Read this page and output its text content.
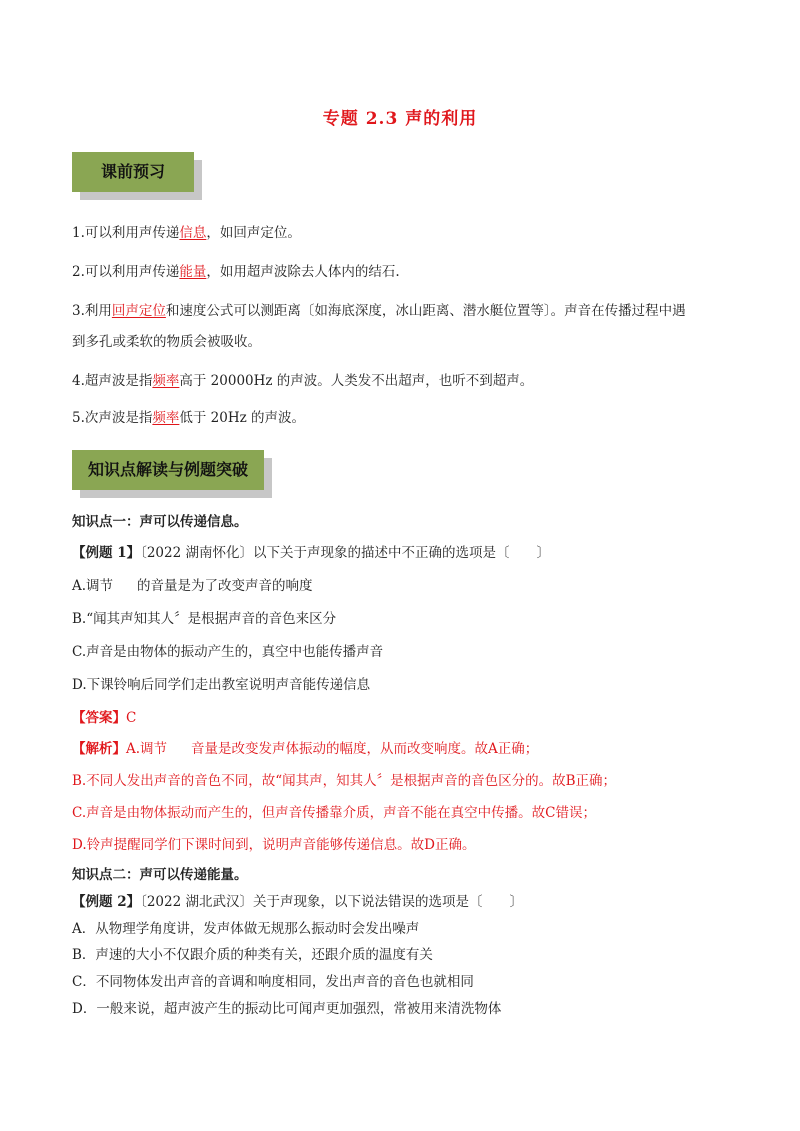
专题 2.3 声的利用
课前预习
1.可以利用声传递信息，如回声定位。
2.可以利用声传递能量，如用超声波除去人体内的结石.
3.利用回声定位和速度公式可以测距离〔如海底深度，冰山距离、潜水艇位置等〕。声音在传播过程中遇
到多孔或柔软的物质会被吸收。
4.超声波是指频率高于 20000Hz 的声波。人类发不出超声，也听不到超声。
5.次声波是指频率低于 20Hz 的声波。
知识点解读与例题突破
知识点一：声可以传递信息。
【例题 1】〔2022 湖南怀化〕以下关于声现象的描述中不正确的选项是〔　　〕
A.调节 的音量是为了改变声音的响度
B.“闻其声知其人〞是根据声音的音色来区分
C.声音是由物体的振动产生的，真空中也能传播声音
D.下课铃响后同学们走出教室说明声音能传递信息
【答案】C
【解析】A.调节 音量是改变发声体振动的幅度，从而改变响度。故A正确；
B.不同人发出声音的音色不同，故“闻其声，知其人〞是根据声音的音色区分的。故B正确；
C.声音是由物体振动而产生的，但声音传播靠介质，声音不能在真空中传播。故C错误；
D.铃声提醒同学们下课时间到，说明声音能够传递信息。故D正确。
知识点二：声可以传递能量。
【例题 2】〔2022 湖北武汉〕关于声现象，以下说法错误的选项是〔　　〕
A．从物理学角度讲，发声体做无规那么振动时会发出噪声
B．声速的大小不仅跟介质的种类有关，还跟介质的温度有关
C．不同物体发出声音的音调和响度相同，发出声音的音色也就相同
D．一般来说，超声波产生的振动比可闻声更加强烈，常被用来清洗物体
